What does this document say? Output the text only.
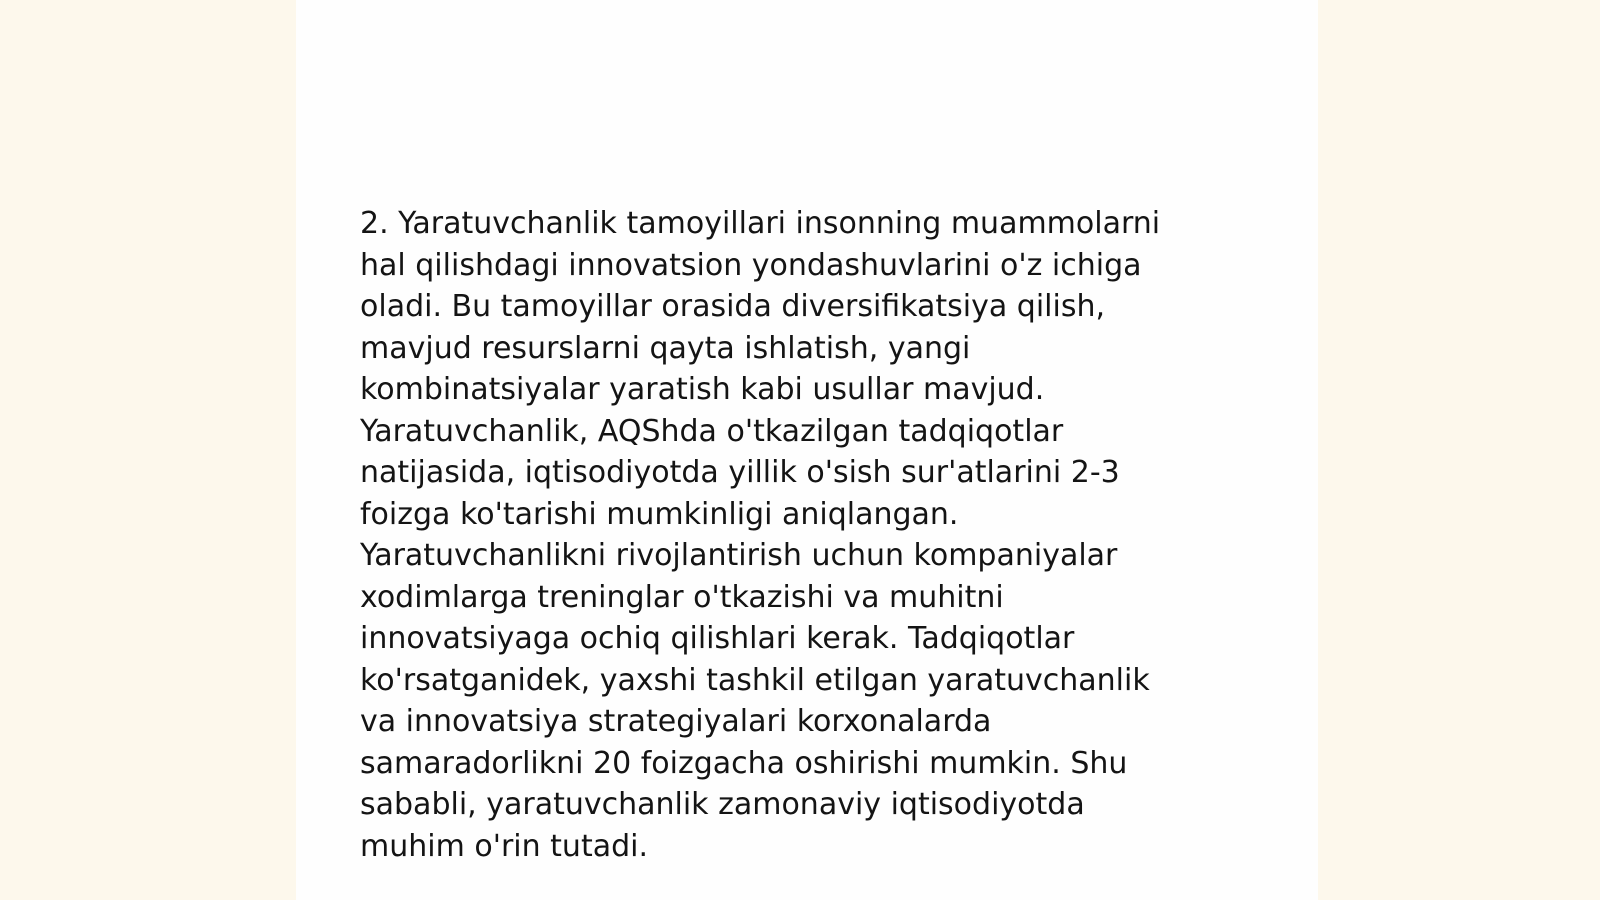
2. Yaratuvchanlik tamoyillari insonning muammolarni
hal qilishdagi innovatsion yondashuvlarini o'z ichiga
oladi. Bu tamoyillar orasida diversifikatsiya qilish,
mavjud resurslarni qayta ishlatish, yangi
kombinatsiyalar yaratish kabi usullar mavjud.
Yaratuvchanlik, AQShda o'tkazilgan tadqiqotlar
natijasida, iqtisodiyotda yillik o'sish sur'atlarini 2-3
foizga ko'tarishi mumkinligi aniqlangan.
Yaratuvchanlikni rivojlantirish uchun kompaniyalar
xodimlarga treninglar o'tkazishi va muhitni
innovatsiyaga ochiq qilishlari kerak. Tadqiqotlar
ko'rsatganidek, yaxshi tashkil etilgan yaratuvchanlik
va innovatsiya strategiyalari korxonalarda
samaradorlikni 20 foizgacha oshirishi mumkin. Shu
sababli, yaratuvchanlik zamonaviy iqtisodiyotda
muhim o'rin tutadi.
